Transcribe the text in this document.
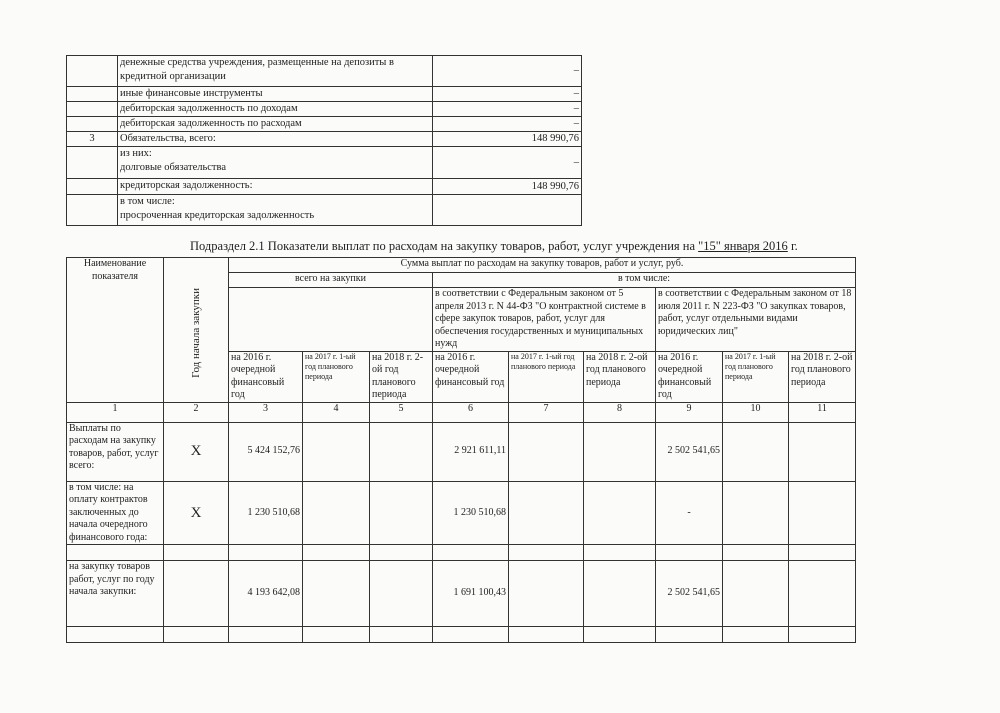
	денежные средства учреждения, размещенные на депозиты в кредитной организации	–
	иные финансовые инструменты	–
	дебиторская задолженность по доходам	–
	дебиторская задолженность по расходам	–
3	Обязательства, всего:	148 990,76
	из них:
долговые обязательства	–
	кредиторская задолженность:	148 990,76
	в том числе:
просроченная кредиторская задолженность	
Подраздел 2.1 Показатели выплат по расходам на закупку товаров, работ, услуг учреждения на "15" января 2016 г.
Наименование показателя	Год начала закупки	Сумма выплат по расходам на закупку товаров, работ и услуг, руб.								
		всего на закупки			в том числе:					
					в соответствии с Федеральным законом от 5 апреля 2013 г. N 44-ФЗ "О контрактной системе в сфере закупок товаров, работ, услуг для обеспечения государственных и муниципальных нужд			в соответствии с Федеральным законом от 18 июля 2011 г. N 223-ФЗ "О закупках товаров, работ, услуг отдельными видами юридических лиц"		
		на 2016 г. очередной финансовый год	на 2017 г. 1-ый год планового периода	на 2018 г. 2-ой год планового периода	на 2016 г. очередной финансовый год	на 2017 г. 1-ый год планового периода	на 2018 г. 2-ой год планового периода	на 2016 г. очередной финансовый год	на 2017 г. 1-ый год планового периода	на 2018 г. 2-ой год планового периода
1	2	3	4	5	6	7	8	9	10	11
Выплаты по расходам на закупку товаров, работ, услуг всего:	X	5 424 152,76			2 921 611,11			2 502 541,65		
в том числе: на оплату контрактов заключенных до начала очередного финансового года:	X	1 230 510,68			1 230 510,68			-		

на закупку товаров работ, услуг по году начала закупки:		4 193 642,08			1 691 100,43			2 502 541,65		
